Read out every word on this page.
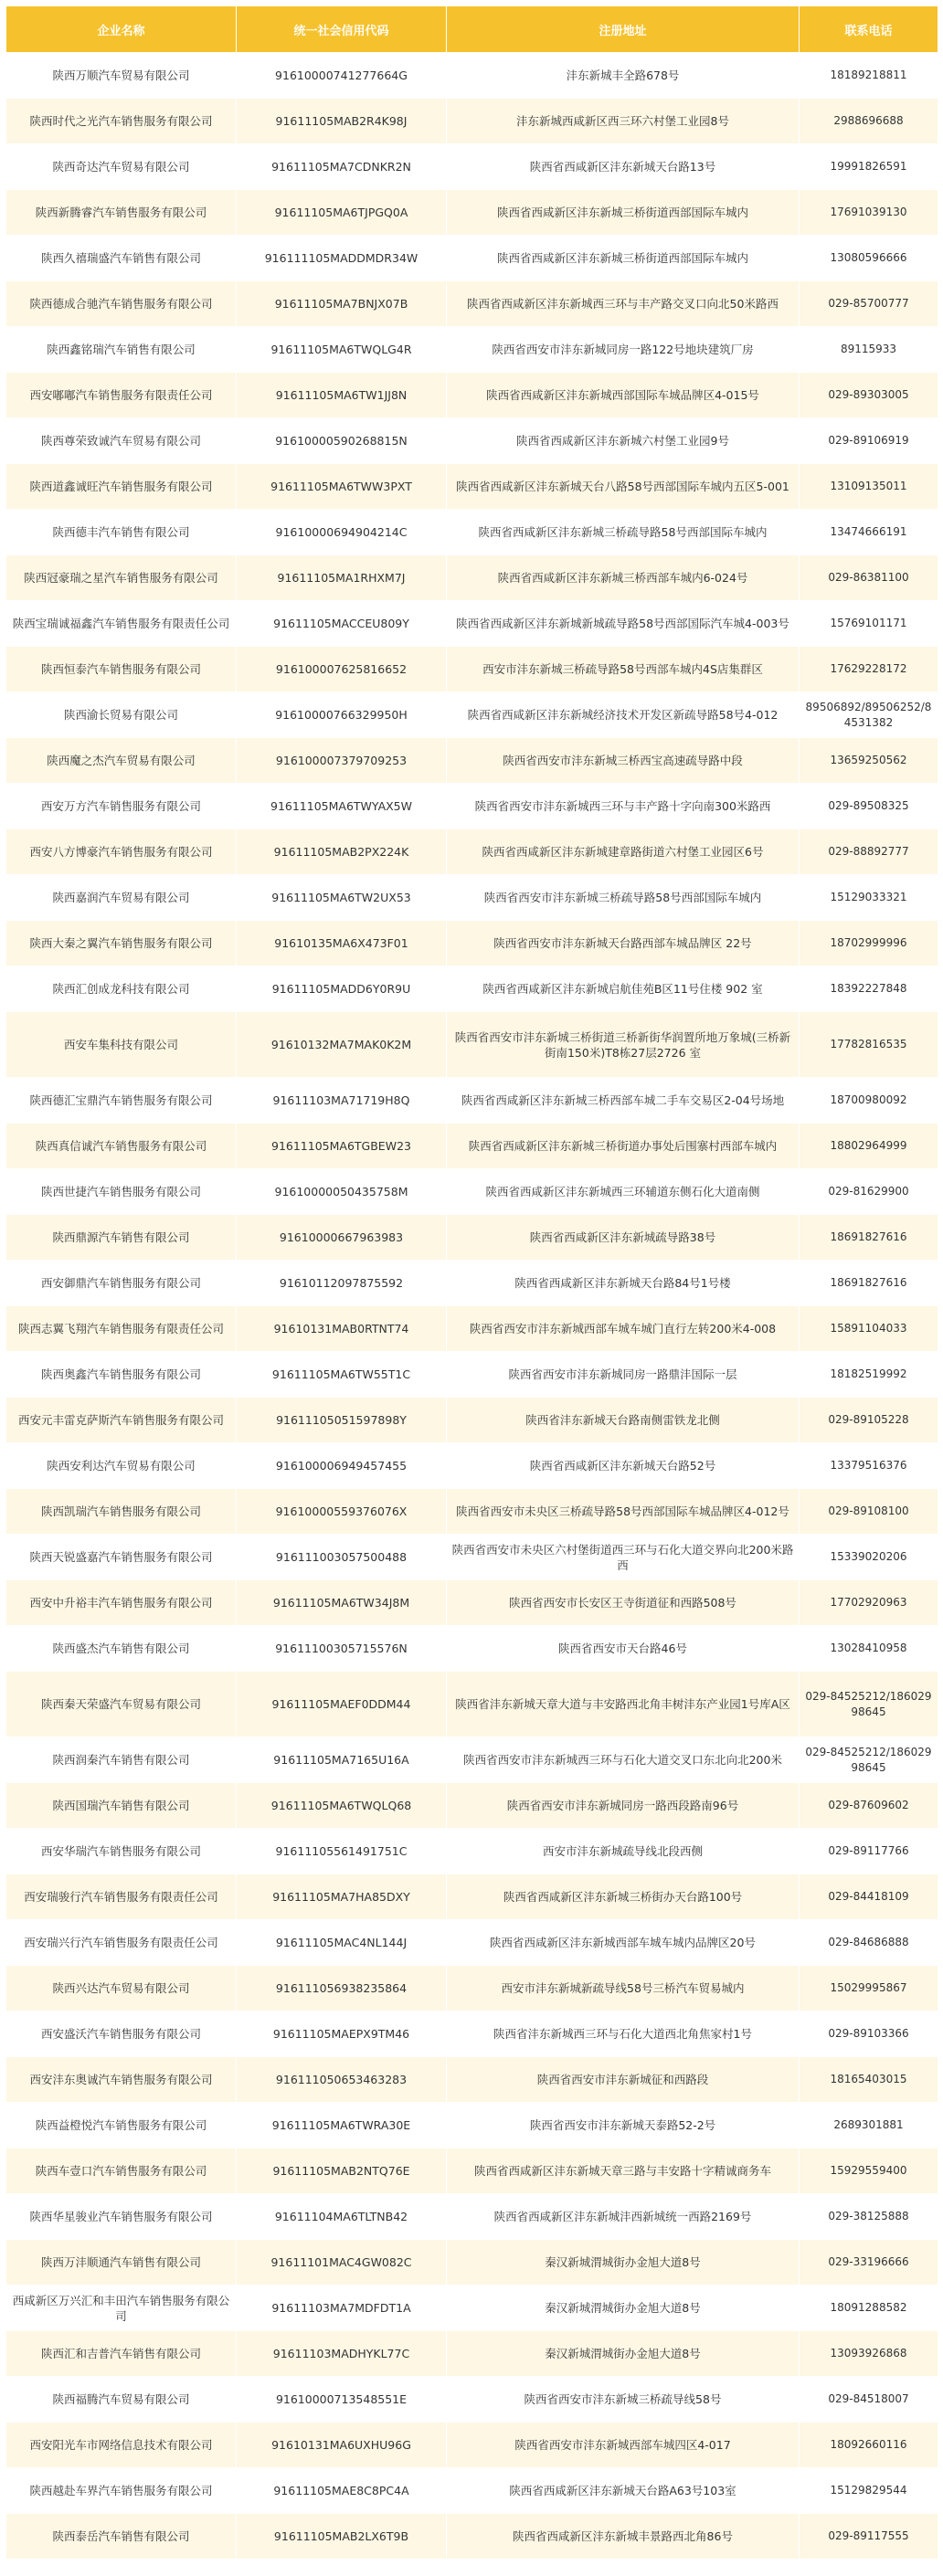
企业名称	统一社会信用代码	注册地址	联系电话
陕西万顺汽车贸易有限公司	91610000741277664G	沣东新城丰全路678号	18189218811
陕西时代之光汽车销售服务有限公司	91611105MAB2R4K98J	沣东新城西咸新区西三环六村堡工业园8号	2988696688
陕西奇达汽车贸易有限公司	91611105MA7CDNKR2N	陕西省西咸新区沣东新城天台路13号	19991826591
陕西新腾睿汽车销售服务有限公司	91611105MA6TJPGQ0A	陕西省西咸新区沣东新城三桥街道西部国际车城内	17691039130
陕西久禧瑞盛汽车销售有限公司	916111105MADDMDR34W	陕西省西咸新区沣东新城三桥街道西部国际车城内	13080596666
陕西德成合驰汽车销售服务有限公司	91611105MA7BNJX07B	陕西省西咸新区沣东新城西三环与丰产路交叉口向北50米路西	029-85700777
陕西鑫铭瑞汽车销售有限公司	91611105MA6TWQLG4R	陕西省西安市沣东新城同房一路122号地块建筑厂房	89115933
西安嘟嘟汽车销售服务有限责任公司	91611105MA6TW1JJ8N	陕西省西咸新区沣东新城西部国际车城品牌区4-015号	029-89303005
陕西尊荣致诚汽车贸易有限公司	91610000590268815N	陕西省西咸新区沣东新城六村堡工业园9号	029-89106919
陕西道鑫诚旺汽车销售服务有限公司	91611105MA6TWW3PXT	陕西省西咸新区沣东新城天台八路58号西部国际车城内五区5-001	13109135011
陕西德丰汽车销售有限公司	91610000694904214C	陕西省西咸新区沣东新城三桥疏导路58号西部国际车城内	13474666191
陕西冠豪瑞之星汽车销售服务有限公司	91611105MA1RHXM7J	陕西省西咸新区沣东新城三桥西部车城内6-024号	029-86381100
陕西宝瑞诚福鑫汽车销售服务有限责任公司	91611105MACCEU809Y	陕西省西咸新区沣东新城新城疏导路58号西部国际汽车城4-003号	15769101171
陕西恒泰汽车销售服务有限公司	916100007625816652	西安市沣东新城三桥疏导路58号西部车城内4S店集群区	17629228172
陕西渝长贸易有限公司	91610000766329950H	陕西省西咸新区沣东新城经济技术开发区新疏导路58号4-012	89506892/89506252/84531382
陕西魔之杰汽车贸易有限公司	916100007379709253	陕西省西安市沣东新城三桥西宝高速疏导路中段	13659250562
西安万方汽车销售服务有限公司	91611105MA6TWYAX5W	陕西省西安市沣东新城西三环与丰产路十字向南300米路西	029-89508325
西安八方博豪汽车销售服务有限公司	91611105MAB2PX224K	陕西省西咸新区沣东新城建章路街道六村堡工业园区6号	029-88892777
陕西嘉润汽车贸易有限公司	91611105MA6TW2UX53	陕西省西安市沣东新城三桥疏导路58号西部国际车城内	15129033321
陕西大秦之翼汽车销售服务有限公司	91610135MA6X473F01	陕西省西安市沣东新城天台路西部车城品牌区 22号	18702999996
陕西汇创成龙科技有限公司	91611105MADD6Y0R9U	陕西省西咸新区沣东新城启航佳苑B区11号住楼 902 室	18392227848
西安车集科技有限公司	91610132MA7MAK0K2M	陕西省西安市沣东新城三桥街道三桥新街华润置所地万象城(三桥新街南150米)T8栋27层2726 室	17782816535
陕西德汇宝鼎汽车销售服务有限公司	91611103MA71719H8Q	陕西省西咸新区沣东新城三桥西部车城二手车交易区2-04号场地	18700980092
陕西真信诚汽车销售服务有限公司	91611105MA6TGBEW23	陕西省西咸新区沣东新城三桥街道办事处后围寨村西部车城内	18802964999
陕西世捷汽车销售服务有限公司	91610000050435758M	陕西省西咸新区沣东新城西三环辅道东侧石化大道南侧	029-81629900
陕西鼎源汽车销售有限公司	91610000667963983	陕西省西咸新区沣东新城疏导路38号	18691827616
西安御鼎汽车销售服务有限公司	91610112097875592	陕西省西咸新区沣东新城天台路84号1号楼	18691827616
陕西志翼飞翔汽车销售服务有限责任公司	91610131MAB0RTNT74	陕西省西安市沣东新城西部车城车城门直行左转200米4-008	15891104033
陕西奥鑫汽车销售服务有限公司	91611105MA6TW55T1C	陕西省西安市沣东新城同房一路鼎沣国际一层	18182519992
西安元丰雷克萨斯汽车销售服务有限公司	91611105051597898Y	陕西省沣东新城天台路南侧雷铁龙北侧	029-89105228
陕西安利达汽车贸易有限公司	916100006949457455	陕西省西咸新区沣东新城天台路52号	13379516376
陕西凯瑞汽车销售服务有限公司	91610000559376076X	陕西省西安市未央区三桥疏导路58号西部国际车城品牌区4-012号	029-89108100
陕西天锐盛嘉汽车销售服务有限公司	916111003057500488	陕西省西安市未央区六村堡街道西三环与石化大道交界向北200米路西	15339020206
西安中升裕丰汽车销售服务有限公司	91611105MA6TW34J8M	陕西省西安市长安区王寺街道征和西路508号	17702920963
陕西盛杰汽车销售有限公司	91611100305715576N	陕西省西安市天台路46号	13028410958
陕西秦天荣盛汽车贸易有限公司	91611105MAEF0DDM44	陕西省沣东新城天章大道与丰安路西北角丰树沣东产业园1号库A区	029-84525212/18602998645
陕西润秦汽车销售有限公司	91611105MA7165U16A	陕西省西安市沣东新城西三环与石化大道交叉口东北向北200米	029-84525212/18602998645
陕西国瑞汽车销售有限公司	91611105MA6TWQLQ68	陕西省西安市沣东新城同房一路西段路南96号	029-87609602
西安华瑞汽车销售服务有限公司	91611105561491751C	西安市沣东新城疏导线北段西侧	029-89117766
西安瑞骏行汽车销售服务有限责任公司	91611105MA7HA85DXY	陕西省西咸新区沣东新城三桥街办天台路100号	029-84418109
西安瑞兴行汽车销售服务有限责任公司	91611105MAC4NL144J	陕西省西咸新区沣东新城西部车城车城内品牌区20号	029-84686888
陕西兴达汽车贸易有限公司	916111056938235864	西安市沣东新城新疏导线58号三桥汽车贸易城内	15029995867
西安盛沃汽车销售服务有限公司	91611105MAEPX9TM46	陕西省沣东新城西三环与石化大道西北角焦家村1号	029-89103366
西安沣东奥诚汽车销售服务有限公司	916111050653463283	陕西省西安市沣东新城征和西路段	18165403015
陕西益橙悦汽车销售服务有限公司	91611105MA6TWRA30E	陕西省西安市沣东新城天泰路52-2号	2689301881
陕西车壹口汽车销售服务有限公司	91611105MAB2NTQ76E	陕西省西咸新区沣东新城天章三路与丰安路十字精诚商务车	15929559400
陕西华星骏业汽车销售服务有限公司	91611104MA6TLTNB42	陕西省西咸新区沣东新城沣西新城统一西路2169号	029-38125888
陕西万沣顺通汽车销售有限公司	91611101MAC4GW082C	秦汉新城渭城街办金旭大道8号	029-33196666
西咸新区万兴汇和丰田汽车销售服务有限公司	91611103MA7MDFDT1A	秦汉新城渭城街办金旭大道8号	18091288582
陕西汇和吉普汽车销售有限公司	91611103MADHYKL77C	秦汉新城渭城街办金旭大道8号	13093926868
陕西福腾汽车贸易有限公司	91610000713548551E	陕西省西安市沣东新城三桥疏导线58号	029-84518007
西安阳光车市网络信息技术有限公司	91610131MA6UXHU96G	陕西省西安市沣东新城西部车城四区4-017	18092660116
陕西越赴车界汽车销售服务有限公司	91611105MAE8C8PC4A	陕西省西咸新区沣东新城天台路A63号103室	15129829544
陕西泰岳汽车销售有限公司	91611105MAB2LX6T9B	陕西省西咸新区沣东新城丰景路西北角86号	029-89117555
